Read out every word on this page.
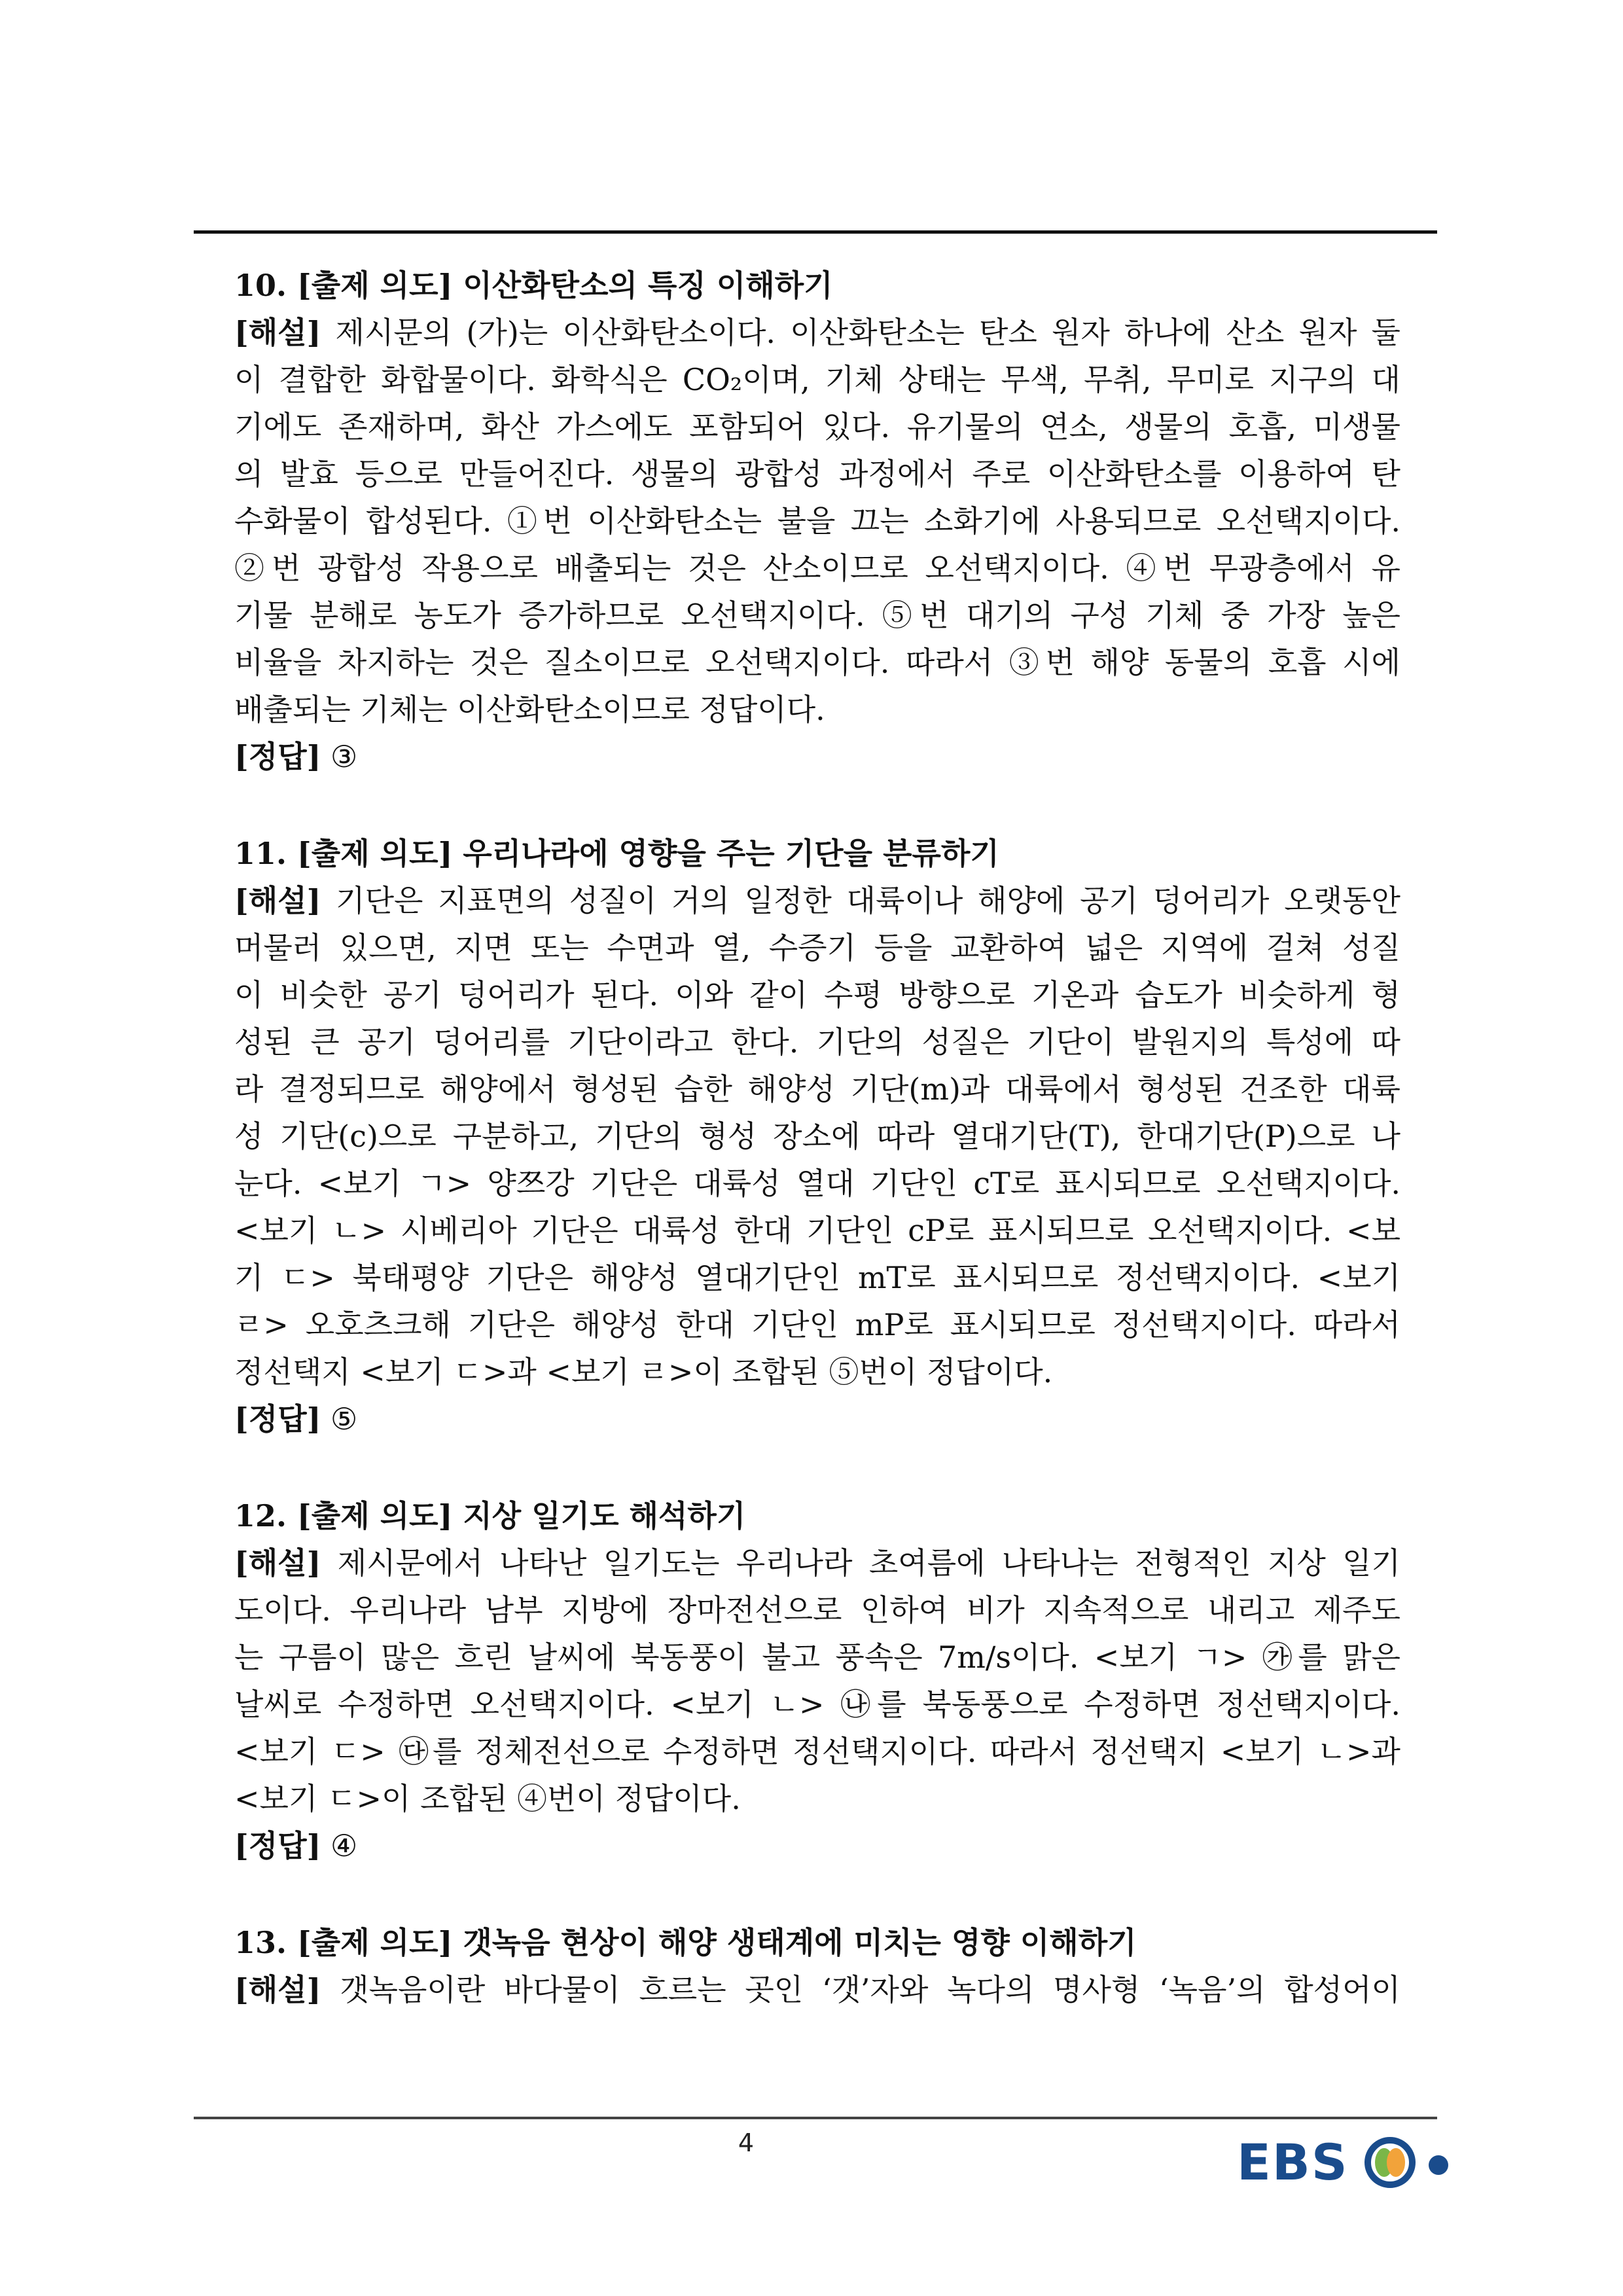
10. [출제 의도] 이산화탄소의 특징 이해하기
[해설] 제시문의 (가)는 이산화탄소이다. 이산화탄소는 탄소 원자 하나에 산소 원자 둘
이 결합한 화합물이다. 화학식은 CO₂이며, 기체 상태는 무색, 무취, 무미로 지구의 대
기에도 존재하며, 화산 가스에도 포함되어 있다. 유기물의 연소, 생물의 호흡, 미생물
의 발효 등으로 만들어진다. 생물의 광합성 과정에서 주로 이산화탄소를 이용하여 탄
수화물이 합성된다. ①번 이산화탄소는 불을 끄는 소화기에 사용되므로 오선택지이다.
②번 광합성 작용으로 배출되는 것은 산소이므로 오선택지이다. ④번 무광층에서 유
기물 분해로 농도가 증가하므로 오선택지이다. ⑤번 대기의 구성 기체 중 가장 높은
비율을 차지하는 것은 질소이므로 오선택지이다. 따라서 ③번 해양 동물의 호흡 시에
배출되는 기체는 이산화탄소이므로 정답이다.
[정답] ③
11. [출제 의도] 우리나라에 영향을 주는 기단을 분류하기
[해설] 기단은 지표면의 성질이 거의 일정한 대륙이나 해양에 공기 덩어리가 오랫동안
머물러 있으면, 지면 또는 수면과 열, 수증기 등을 교환하여 넓은 지역에 걸쳐 성질
이 비슷한 공기 덩어리가 된다. 이와 같이 수평 방향으로 기온과 습도가 비슷하게 형
성된 큰 공기 덩어리를 기단이라고 한다. 기단의 성질은 기단이 발원지의 특성에 따
라 결정되므로 해양에서 형성된 습한 해양성 기단(m)과 대륙에서 형성된 건조한 대륙
성 기단(c)으로 구분하고, 기단의 형성 장소에 따라 열대기단(T), 한대기단(P)으로 나
눈다. <보기 ㄱ> 양쯔강 기단은 대륙성 열대 기단인 cT로 표시되므로 오선택지이다.
<보기 ㄴ> 시베리아 기단은 대륙성 한대 기단인 cP로 표시되므로 오선택지이다. <보
기 ㄷ> 북태평양 기단은 해양성 열대기단인 mT로 표시되므로 정선택지이다. <보기
ㄹ> 오호츠크해 기단은 해양성 한대 기단인 mP로 표시되므로 정선택지이다. 따라서
정선택지 <보기 ㄷ>과 <보기 ㄹ>이 조합된 ⑤번이 정답이다.
[정답] ⑤
12. [출제 의도] 지상 일기도 해석하기
[해설] 제시문에서 나타난 일기도는 우리나라 초여름에 나타나는 전형적인 지상 일기
도이다. 우리나라 남부 지방에 장마전선으로 인하여 비가 지속적으로 내리고 제주도
는 구름이 많은 흐린 날씨에 북동풍이 불고 풍속은 7m/s이다. <보기 ㄱ> ㉮를 맑은
날씨로 수정하면 오선택지이다. <보기 ㄴ> ㉯를 북동풍으로 수정하면 정선택지이다.
<보기 ㄷ> ㉰를 정체전선으로 수정하면 정선택지이다. 따라서 정선택지 <보기 ㄴ>과
<보기 ㄷ>이 조합된 ④번이 정답이다.
[정답] ④
13. [출제 의도] 갯녹음 현상이 해양 생태계에 미치는 영향 이해하기
[해설] 갯녹음이란 바다물이 흐르는 곳인 ‘갯’자와 녹다의 명사형 ‘녹음’의 합성어이
4	EBS
